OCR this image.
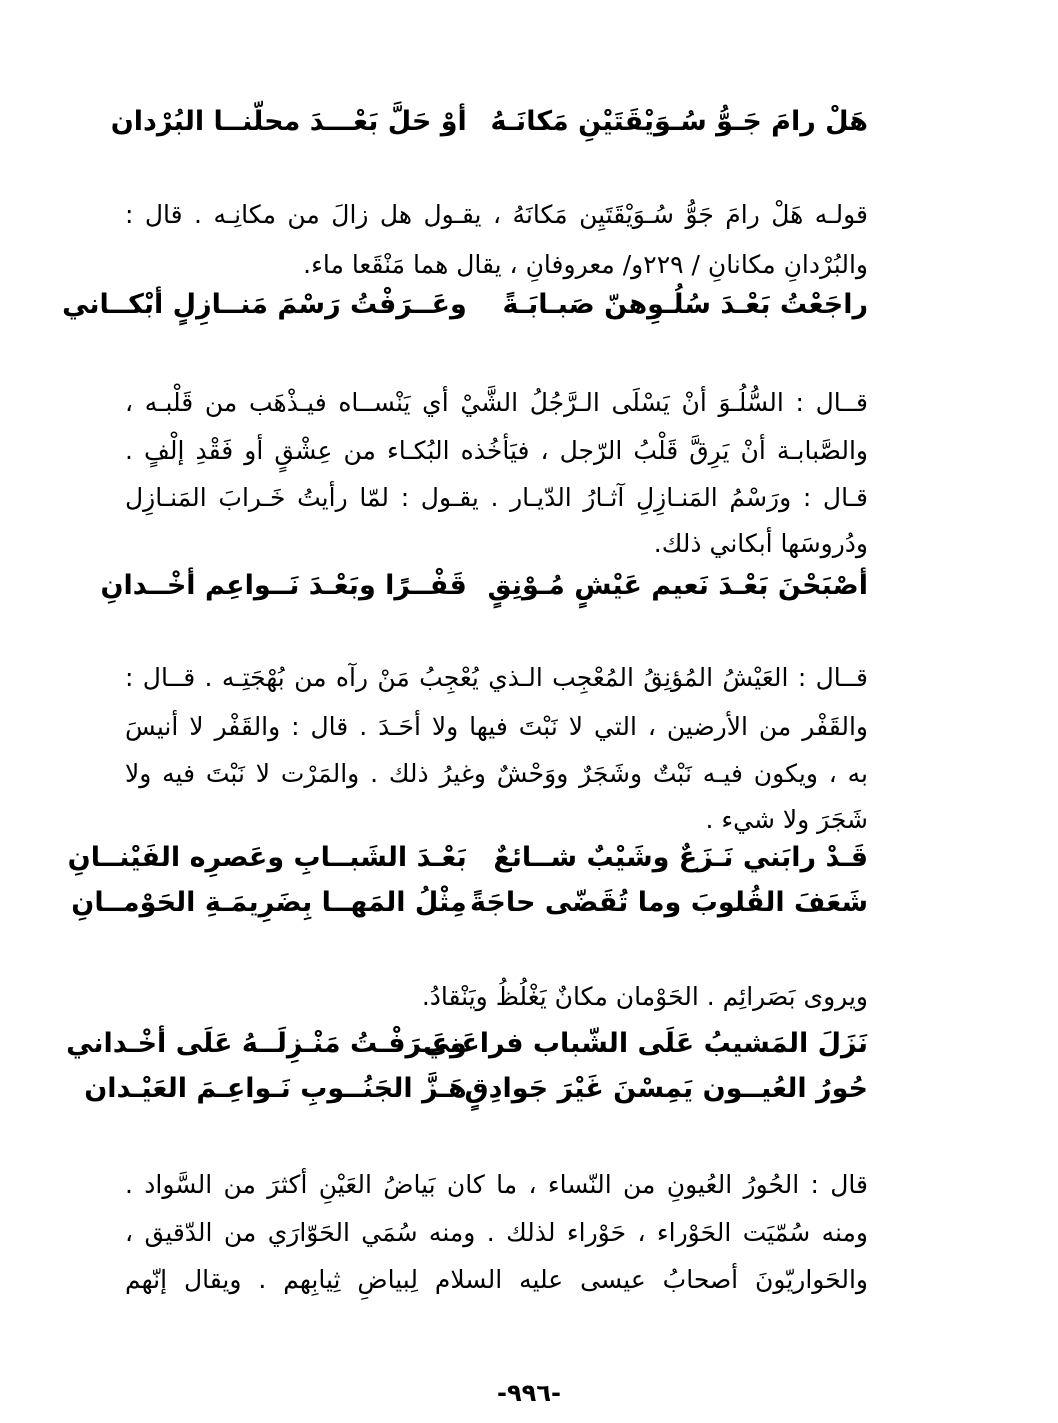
هَلْ رامَ جَـوُّ سُـوَيْقَتَيْنِ مَكانَـهُ
أوْ حَلَّ بَعْـــدَ محلّنــا البُرْدان
قولـه هَلْ رامَ جَوُّ سُـوَيْقَتَيِن مَكانَهُ ، يقـول هل زالَ من مكانِـه . قال :
والبُرْدانِ مكانانِ / ٢٢٩و/ معروفانِ ، يقال هما مَنْقَعا ماء.
راجَعْتُ بَعْـدَ سُلُـوِهنّ صَبـابَـةً
وعَــرَفْتُ رَسْمَ مَنــازِلٍ أبْكــاني
قــال : السُّلُـوَ أنْ يَسْلَى الـرَّجُلُ الشَّيْ أي يَنْســاه فيـذْهَب من قَلْبـه ،
والصَّبابـة أنْ يَرِقَّ قَلْبُ الرّجل ، فيَأخُذه البُكـاء من عِشْقٍ أو فَقْدِ إلْفٍ .
قـال : ورَسْمُ المَنـازِلِ آثـارُ الدّيـار . يقـول : لمّا رأيتُ خَـرابَ المَنـازِل
ودُروسَها أبكاني ذلك.
أصْبَحْنَ بَعْـدَ نَعيم عَيْشٍ مُـوْنِقٍ
قَفْــرًا وبَعْـدَ نَــواعِم أخْــدانِ
قــال : العَيْشُ المُؤنِقُ المُعْجِب الـذي يُعْجِبُ مَنْ رآه من بُهْجَتِـه . قــال :
والقَفْر من الأرضين ، التي لا نَبْتَ فيها ولا أحَـدَ . قال : والقَفْر لا أنيسَ
به ، ويكون فيـه نَبْتٌ وشَجَرٌ ووَحْشٌ وغيرُ ذلك . والمَرْت لا نَبْتَ فيه ولا
شَجَرَ ولا شيء .
قَـدْ رابَني نَـزَعٌ وشَيْبٌ شــائعٌ
بَعْـدَ الشَبــابِ وعَصرِه الفَيْنــانِ
شَعَفَ القُلوبَ وما تُقَضّى حاجَةً
مِثْلُ المَهــا بِضَرِيمَـةِ الحَوْمــانِ
ويروى بَصَرائِم . الحَوْمان مكانٌ يَغْلُظُ ويَنْقادُ.
نَزَلَ المَشيبُ عَلَى الشّباب فراعَني
وعَـرَفْـتُ مَنْـزِلَــهُ عَلَى أخْـداني
حُورُ العُيــون يَمِسْنَ غَيْرَ جَوادِقٍ
هَـزَّ الجَنُــوبِ نَـواعِـمَ العَيْـدان
قال : الحُورُ العُيونِ من النّساء ، ما كان بَياضُ العَيْنِ أكثرَ من السَّواد .
ومنه سُمّيَت الحَوْراء ، حَوْراء لذلك . ومنه سُمَي الحَوّارَي من الدّقيق ،
والحَواريّونَ أصحابُ عيسى عليه السلام لِبياضِ ثِيابِهم . ويقال إنّهم
-٩٩٦-
